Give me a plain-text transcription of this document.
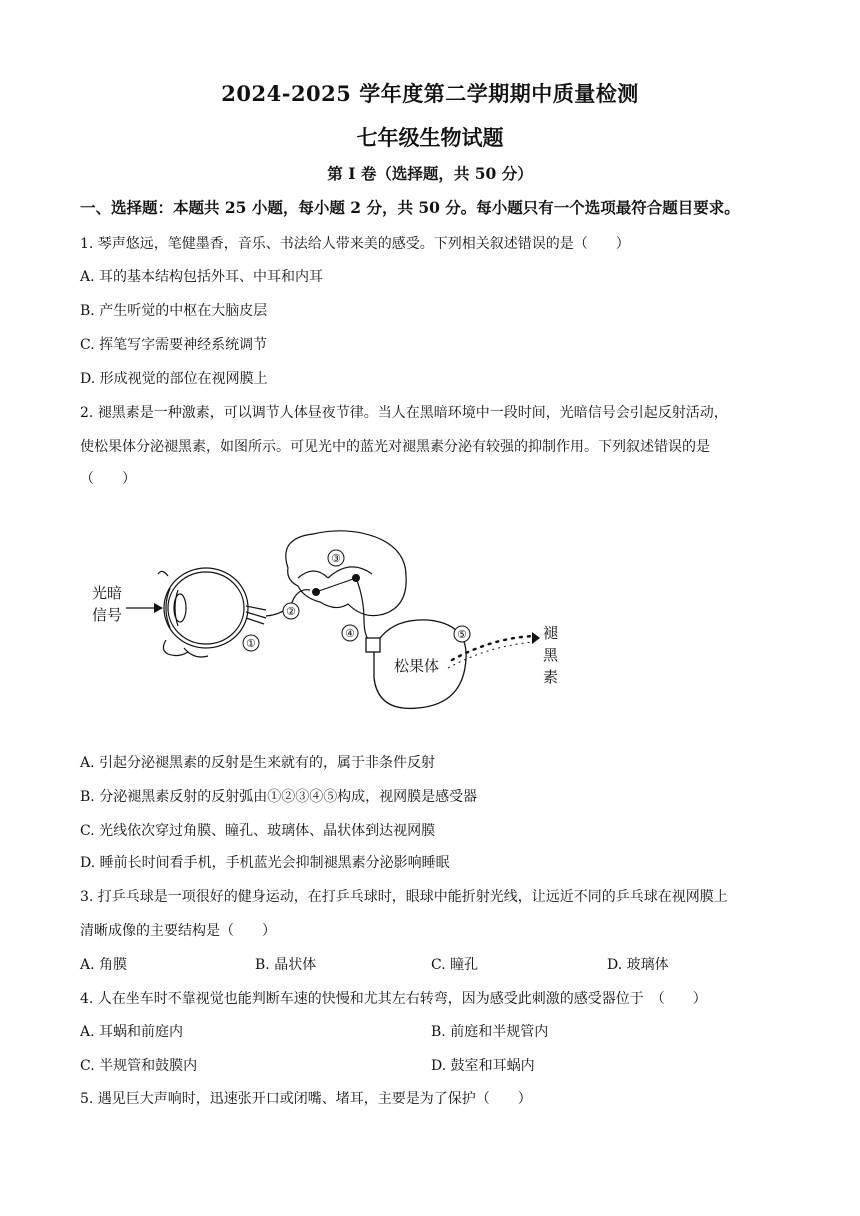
2024-2025 学年度第二学期期中质量检测
七年级生物试题
第 I 卷（选择题，共 50 分）
一、选择题：本题共 25 小题，每小题 2 分，共 50 分。每小题只有一个选项最符合题目要求。
1. 琴声悠远，笔健墨香，音乐、书法给人带来美的感受。下列相关叙述错误的是（　　）
A. 耳的基本结构包括外耳、中耳和内耳
B. 产生听觉的中枢在大脑皮层
C. 挥笔写字需要神经系统调节
D. 形成视觉的部位在视网膜上
2. 褪黑素是一种激素，可以调节人体昼夜节律。当人在黑暗环境中一段时间，光暗信号会引起反射活动，
使松果体分泌褪黑素，如图所示。可见光中的蓝光对褪黑素分泌有较强的抑制作用。下列叙述错误的是
（　　）
光暗
信号	②
①
③
④
松果体
⑤	褪
黑
素
A. 引起分泌褪黑素的反射是生来就有的，属于非条件反射
B. 分泌褪黑素反射的反射弧由①②③④⑤构成，视网膜是感受器
C. 光线依次穿过角膜、瞳孔、玻璃体、晶状体到达视网膜
D. 睡前长时间看手机，手机蓝光会抑制褪黑素分泌影响睡眠
3. 打乒乓球是一项很好的健身运动，在打乒乓球时，眼球中能折射光线，让远近不同的乒乓球在视网膜上
清晰成像的主要结构是（　　）
A. 角膜	B. 晶状体	C. 瞳孔	D. 玻璃体
4. 人在坐车时不靠视觉也能判断车速的快慢和尤其左右转弯，因为感受此刺激的感受器位于　（　　）
A. 耳蜗和前庭内	B. 前庭和半规管内
C. 半规管和鼓膜内	D. 鼓室和耳蜗内
5. 遇见巨大声响时，迅速张开口或闭嘴、堵耳，主要是为了保护（　　）
